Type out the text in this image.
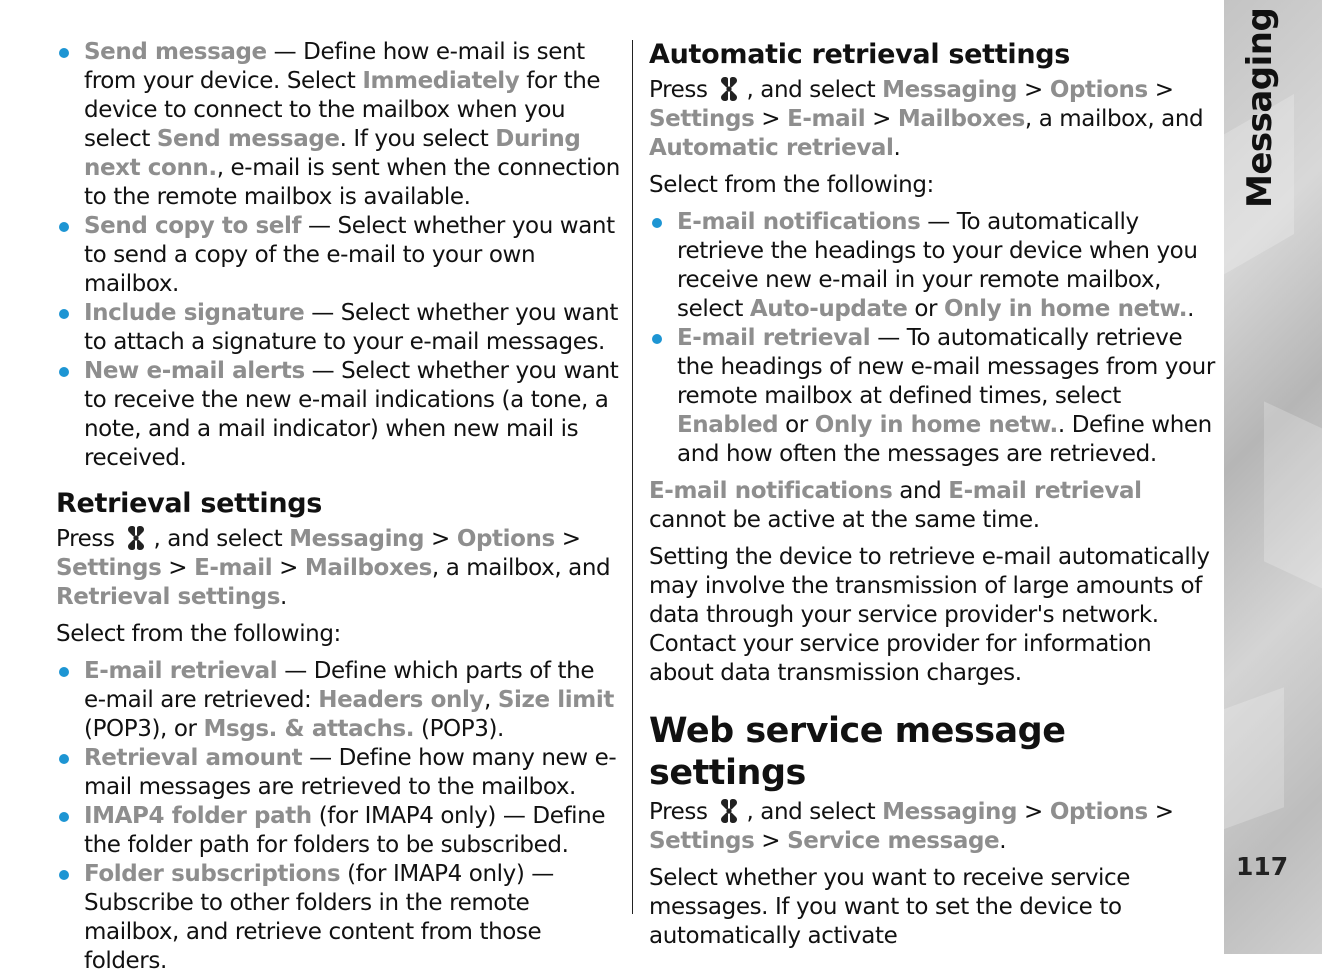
Send message — Define how e-mail is sent from your device. Select Immediately for the device to connect to the mailbox when you select Send message. If you select During next conn., e-mail is sent when the connection to the remote mailbox is available.
Send copy to self — Select whether you want to send a copy of the e-mail to your own mailbox.
Include signature — Select whether you want to attach a signature to your e-mail messages.
New e-mail alerts — Select whether you want to receive the new e-mail indications (a tone, a note, and a mail indicator) when new mail is received.
Retrieval settings

Press , and select Messaging > Options > Settings > E-mail > Mailboxes, a mailbox, and Retrieval settings.

Select from the following:

E-mail retrieval — Define which parts of the e-mail are retrieved: Headers only, Size limit (POP3), or Msgs. & attachs. (POP3).
Retrieval amount — Define how many new e-mail messages are retrieved to the mailbox.
IMAP4 folder path (for IMAP4 only) — Define the folder path for folders to be subscribed.
Folder subscriptions (for IMAP4 only) — Subscribe to other folders in the remote mailbox, and retrieve content from those folders.
Automatic retrieval settings

Press , and select Messaging > Options > Settings > E-mail > Mailboxes, a mailbox, and Automatic retrieval.

Select from the following:

E-mail notifications — To automatically retrieve the headings to your device when you receive new e-mail in your remote mailbox, select Auto-update or Only in home netw..
E-mail retrieval — To automatically retrieve the headings of new e-mail messages from your remote mailbox at defined times, select Enabled or Only in home netw.. Define when and how often the messages are retrieved.

E-mail notifications and E-mail retrieval cannot be active at the same time.

Setting the device to retrieve e-mail automatically may involve the transmission of large amounts of data through your service provider's network. Contact your service provider for information about data transmission charges.

Web service message settings

Press , and select Messaging > Options > Settings > Service message.

Select whether you want to receive service messages. If you want to set the device to automatically activate

Messaging
117
